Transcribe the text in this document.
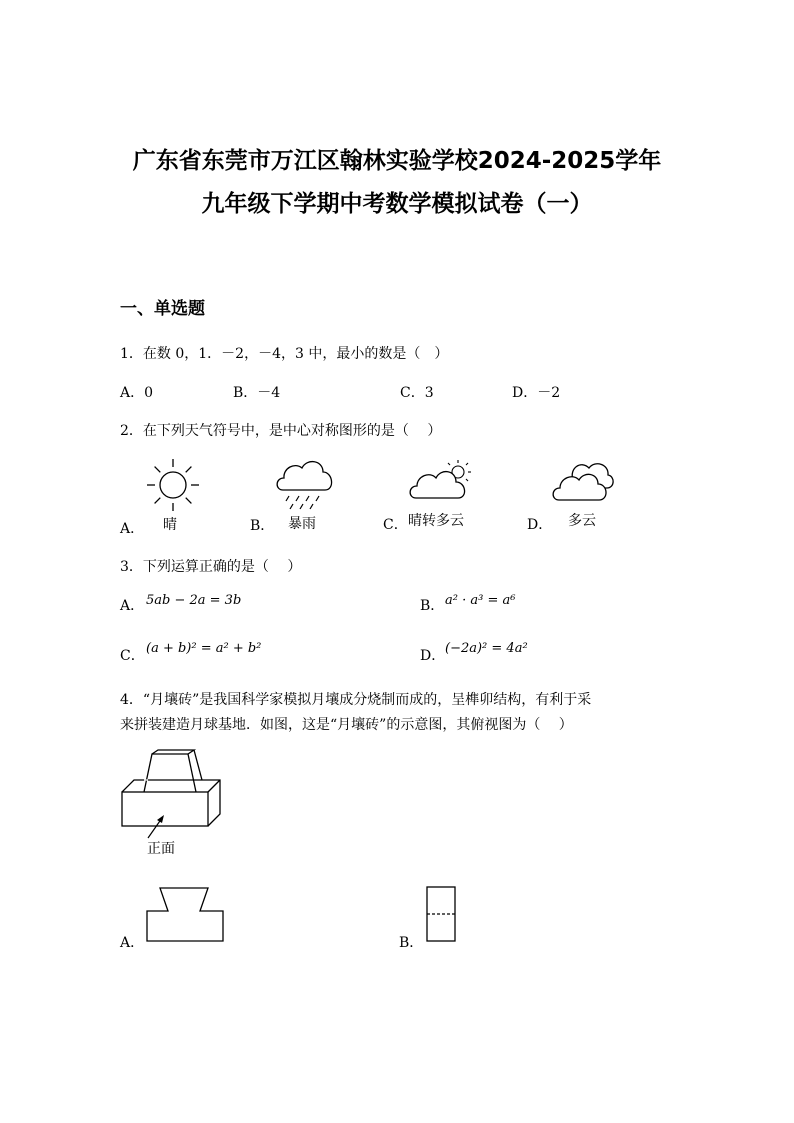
广东省东莞市万江区翰林实验学校2024-2025学年
九年级下学期中考数学模拟试卷（一）
一、单选题
1．在数 0，1．－2，－4，3 中，最小的数是（　）
A．0	B．－4	C．3	D．－2
2．在下列天气符号中，是中心对称图形的是（　 ）
A． 晴	B． 暴雨	C． 晴转多云	D． 多云
3．下列运算正确的是（　 ）
A． 5ab − 2a = 3b	B． a² · a³ = a⁶
C． (a + b)² = a² + b²	D． (−2a)² = 4a²
4．“月壤砖”是我国科学家模拟月壤成分烧制而成的，呈榫卯结构，有利于采
来拼装建造月球基地．如图，这是“月壤砖”的示意图，其俯视图为（　 ）
正面
A．	B．
